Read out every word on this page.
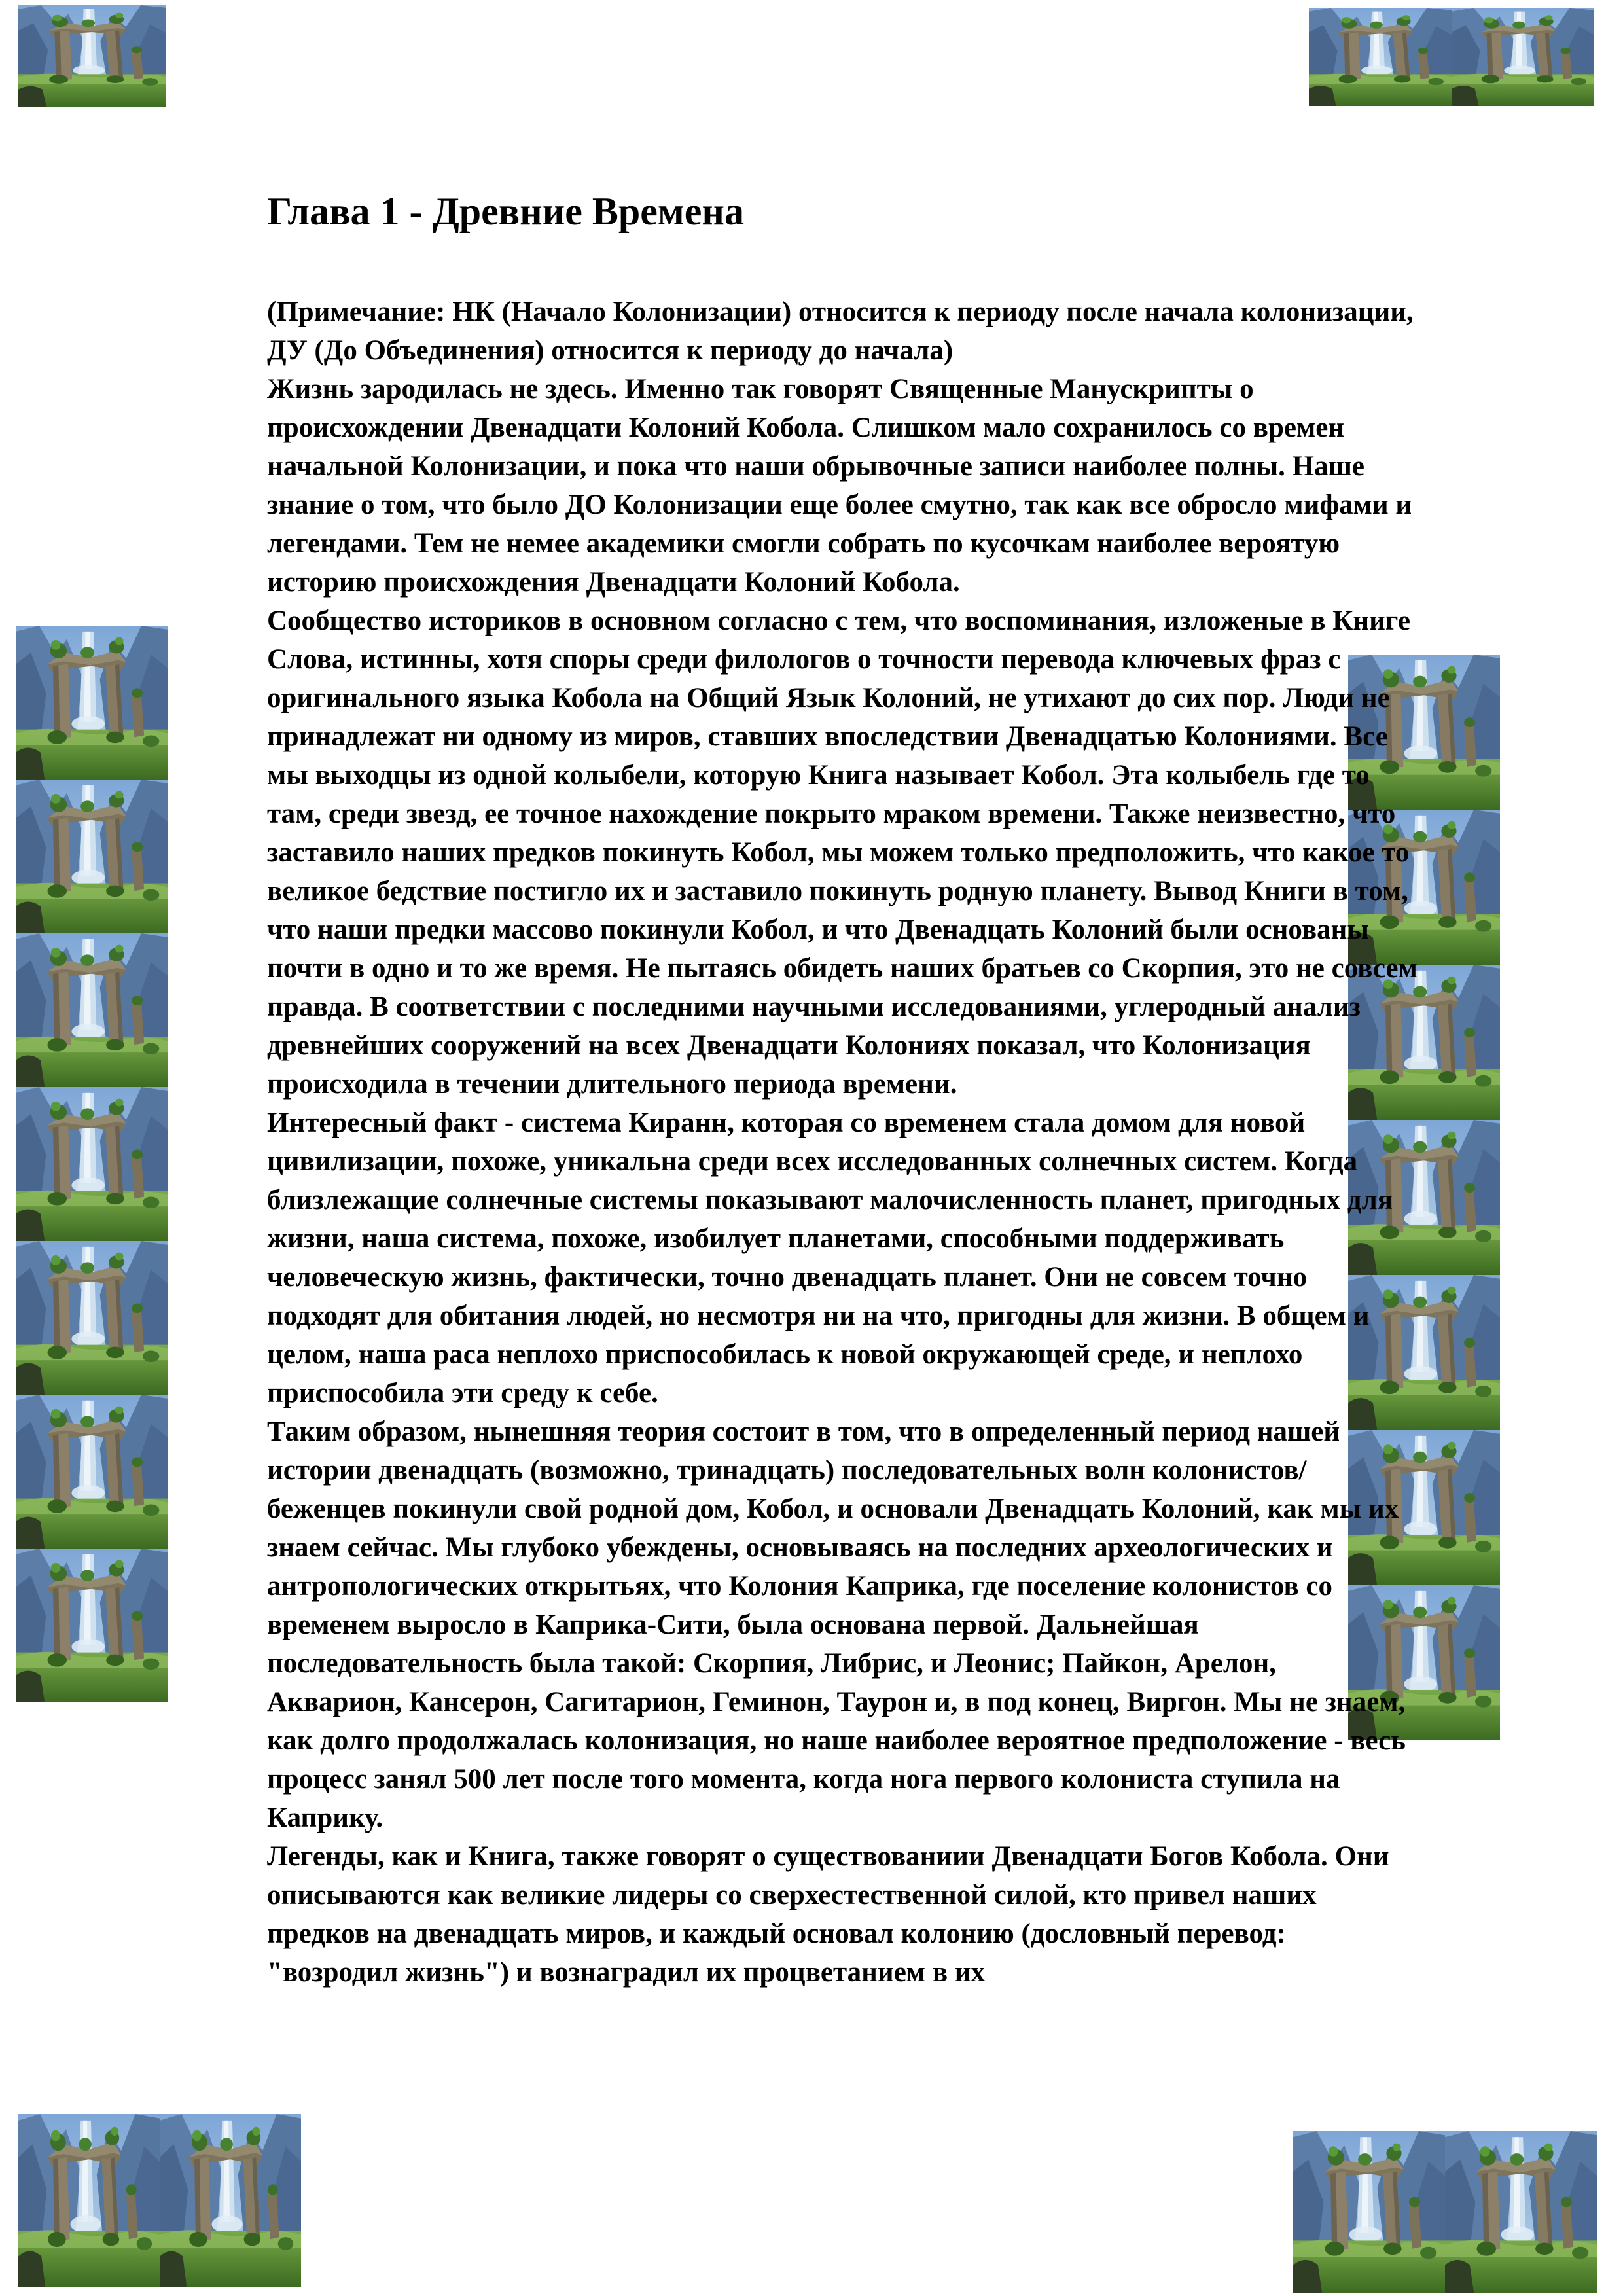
Глава 1 - Древние Времена

(Примечание: НК (Начало Колонизации) относится к периоду после начала колонизации, ДУ (До Объединения) относится к периоду до начала)

Жизнь зародилась не здесь. Именно так говорят Священные Манускрипты о происхождении Двенадцати Колоний Кобола. Слишком мало сохранилось со времен начальной Колонизации, и пока что наши обрывочные записи наиболее полны. Наше знание о том, что было ДО Колонизации еще более смутно, так как все обросло мифами и легендами. Тем не немее академики смогли собрать по кусочкам наиболее вероятую историю происхождения Двенадцати Колоний Кобола.

Сообщество историков в основном согласно с тем, что воспоминания, изложеные в Книге Слова, истинны, хотя споры среди филологов о точности перевода ключевых фраз с оригинального языка Кобола на Общий Язык Колоний, не утихают до сих пор. Люди не принадлежат ни одному из миров, ставших впоследствии Двенадцатью Колониями. Все мы выходцы из одной колыбели, которую Книга называет Кобол. Эта колыбель где то там, среди звезд, ее точное нахождение покрыто мраком времени. Также неизвестно, что заставило наших предков покинуть Кобол, мы можем только предположить, что какое то великое бедствие постигло их и заставило покинуть родную планету. Вывод Книги в том, что наши предки массово покинули Кобол, и что Двенадцать Колоний были основаны почти в одно и то же время. Не пытаясь обидеть наших братьев со Скорпия, это не совсем правда. В соответствии с последними научными исследованиями, углеродный анализ древнейших сооружений на всех Двенадцати Колониях показал, что Колонизация происходила в течении длительного периода времени.

Интересный факт - система Киранн, которая со временем стала домом для новой цивилизации, похоже, уникальна среди всех исследованных солнечных систем. Когда близлежащие солнечные системы показывают малочисленность планет, пригодных для жизни, наша система, похоже, изобилует планетами, способными поддерживать человеческую жизнь, фактически, точно двенадцать планет. Они не совсем точно подходят для обитания людей, но несмотря ни на что, пригодны для жизни. В общем и целом, наша раса неплохо приспособилась к новой окружающей среде, и неплохо приспособила эти среду к себе.

Таким образом, нынешняя теория состоит в том, что в определенный период нашей истории двенадцать (возможно, тринадцать) последовательных волн колонистов/беженцев покинули свой родной дом, Кобол, и основали Двенадцать Колоний, как мы их знаем сейчас. Мы глубоко убеждены, основываясь на последних археологических и антропологических открытьях, что Колония Каприка, где поселение колонистов со временем выросло в Каприка-Сити, была основана первой. Дальнейшая последовательность была такой: Скорпия, Либрис, и Леонис; Пайкон, Арелон, Акварион, Кансерон, Сагитарион, Геминон, Таурон и, в под конец, Виргон. Мы не знаем, как долго продолжалась колонизация, но наше наиболее вероятное предположение - весь процесс занял 500 лет после того момента, когда нога первого колониста ступила на Каприку.

Легенды, как и Книга, также говорят о существованиии Двенадцати Богов Кобола. Они описываются как великие лидеры со сверхестественной силой, кто привел наших предков на двенадцать миров, и каждый основал колонию (дословный перевод: "возродил жизнь") и вознаградил их процветанием в их
